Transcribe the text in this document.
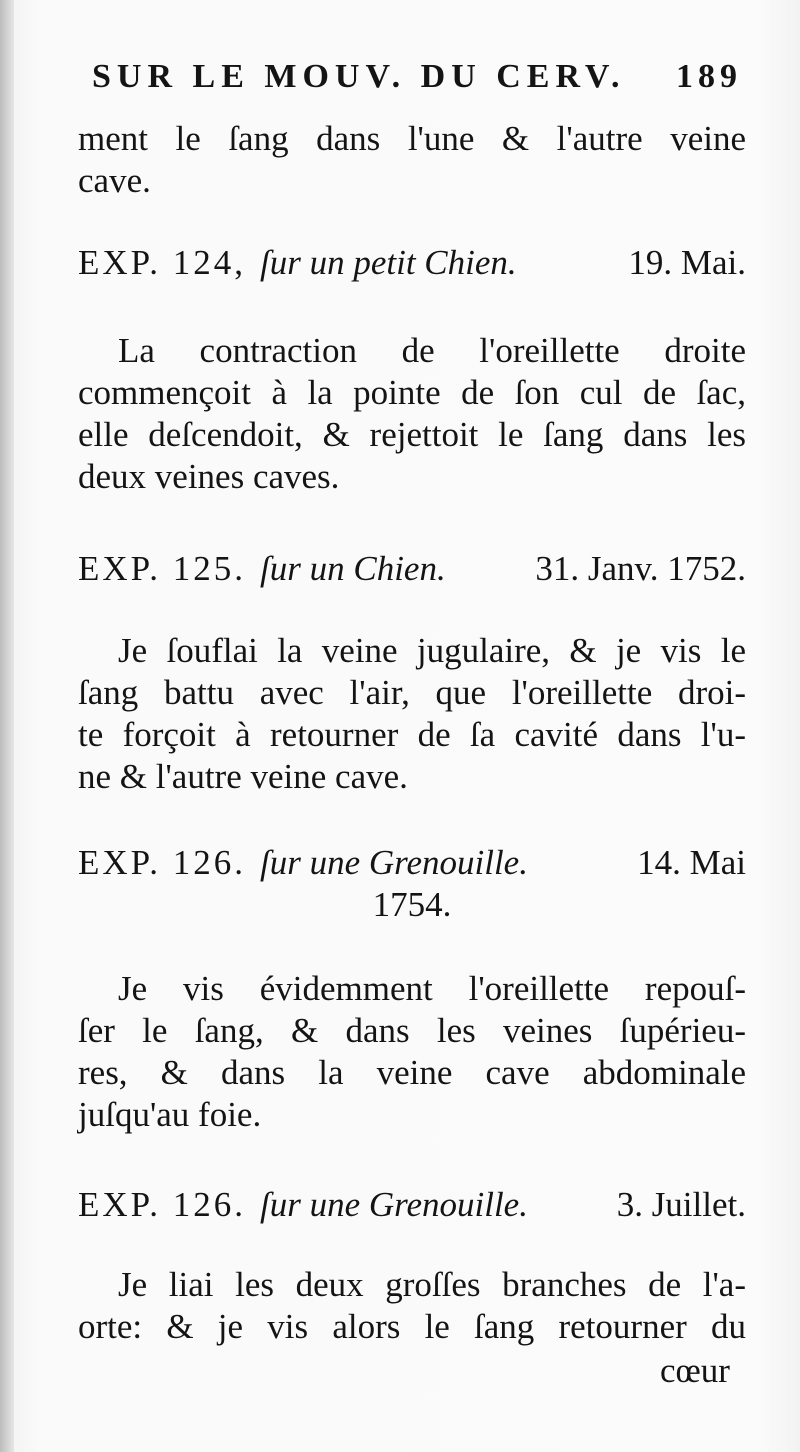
SUR LE MOUV. DU CERV. 189
ment le ſang dans l'une & l'autre veine
cave.
EXP. 124, ſur un petit Chien.	19. Mai.
La contraction de l'oreillette droite
commençoit à la pointe de ſon cul de ſac,
elle deſcendoit, & rejettoit le ſang dans les
deux veines caves.
EXP. 125. ſur un Chien.	31. Janv. 1752.
Je ſouflai la veine jugulaire, & je vis le
ſang battu avec l'air, que l'oreillette droi-
te forçoit à retourner de ſa cavité dans l'u-
ne & l'autre veine cave.
EXP. 126. ſur une Grenouille.	14. Mai
1754.
Je vis évidemment l'oreillette repouſ-
ſer le ſang, & dans les veines ſupérieu-
res, & dans la veine cave abdominale
juſqu'au foie.
EXP. 126. ſur une Grenouille.	3. Juillet.
Je liai les deux groſſes branches de l'a-
orte: & je vis alors le ſang retourner du
cœur
